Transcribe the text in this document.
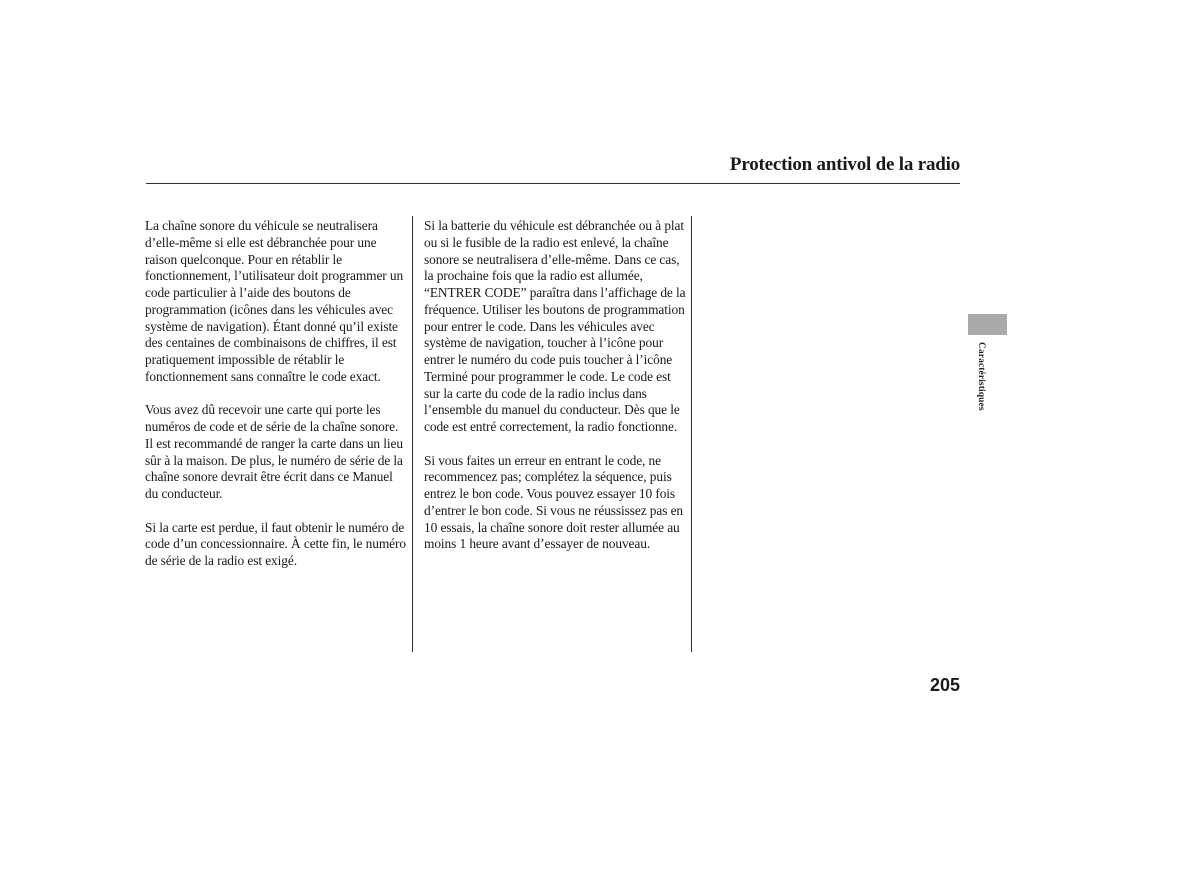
Protection antivol de la radio

La chaîne sonore du véhicule se neutralisera d’elle-même si elle est débranchée pour une raison quelconque. Pour en rétablir le fonctionnement, l’utilisateur doit programmer un code particulier à l’aide des boutons de programmation (icônes dans les véhicules avec système de navigation). Étant donné qu’il existe des centaines de combinaisons de chiffres, il est pratiquement impossible de rétablir le fonctionnement sans connaître le code exact.

Vous avez dû recevoir une carte qui porte les numéros de code et de série de la chaîne sonore. Il est recommandé de ranger la carte dans un lieu sûr à la maison. De plus, le numéro de série de la chaîne sonore devrait être écrit dans ce Manuel du conducteur.

Si la carte est perdue, il faut obtenir le numéro de code d’un concessionnaire. À cette fin, le numéro de série de la radio est exigé.

Si la batterie du véhicule est débranchée ou à plat ou si le fusible de la radio est enlevé, la chaîne sonore se neutralisera d’elle-même. Dans ce cas, la prochaine fois que la radio est allumée, “ENTRER CODE” paraîtra dans l’affichage de la fréquence. Utiliser les boutons de programmation pour entrer le code. Dans les véhicules avec système de navigation, toucher à l’icône pour entrer le numéro du code puis toucher à l’icône Terminé pour programmer le code. Le code est sur la carte du code de la radio inclus dans l’ensemble du manuel du conducteur. Dès que le code est entré correctement, la radio fonctionne.

Si vous faites un erreur en entrant le code, ne recommencez pas; complétez la séquence, puis entrez le bon code. Vous pouvez essayer 10 fois d’entrer le bon code. Si vous ne réussissez pas en 10 essais, la chaîne sonore doit rester allumée au moins 1 heure avant d’essayer de nouveau.

Caractéristiques
205
